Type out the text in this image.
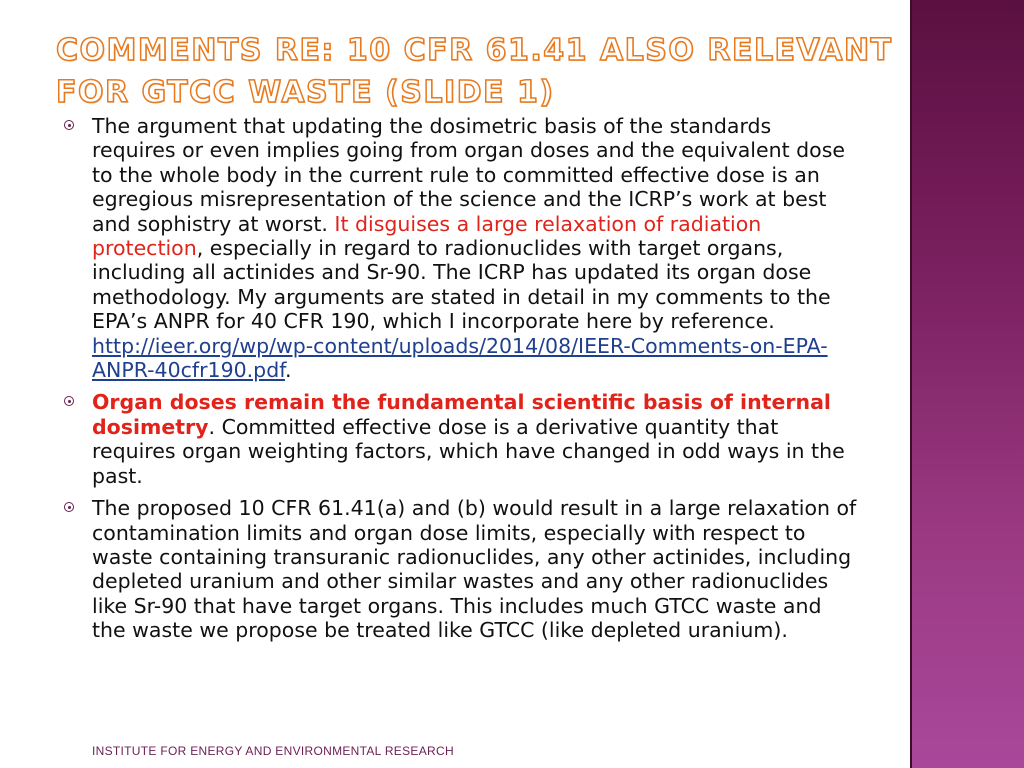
COMMENTS RE: 10 CFR 61.41 ALSO RELEVANT
FOR GTCC WASTE (SLIDE 1)
The argument that updating the dosimetric basis of the standards requires or even implies going from organ doses and the equivalent dose to the whole body in the current rule to committed effective dose is an egregious misrepresentation of the science and the ICRP’s work at best and sophistry at worst. It disguises a large relaxation of radiation protection, especially in regard to radionuclides with target organs, including all actinides and Sr-90. The ICRP has updated its organ dose methodology. My arguments are stated in detail in my comments to the EPA’s ANPR for 40 CFR 190, which I incorporate here by reference. http://ieer.org/wp/wp-content/uploads/2014/08/IEER-Comments-on-EPA-ANPR-40cfr190.pdf.
Organ doses remain the fundamental scientific basis of internal dosimetry. Committed effective dose is a derivative quantity that requires organ weighting factors, which have changed in odd ways in the past.
The proposed 10 CFR 61.41(a) and (b) would result in a large relaxation of contamination limits and organ dose limits, especially with respect to waste containing transuranic radionuclides, any other actinides, including depleted uranium and other similar wastes and any other radionuclides like Sr-90 that have target organs. This includes much GTCC waste and the waste we propose be treated like GTCC (like depleted uranium).
INSTITUTE FOR ENERGY AND ENVIRONMENTAL RESEARCH
